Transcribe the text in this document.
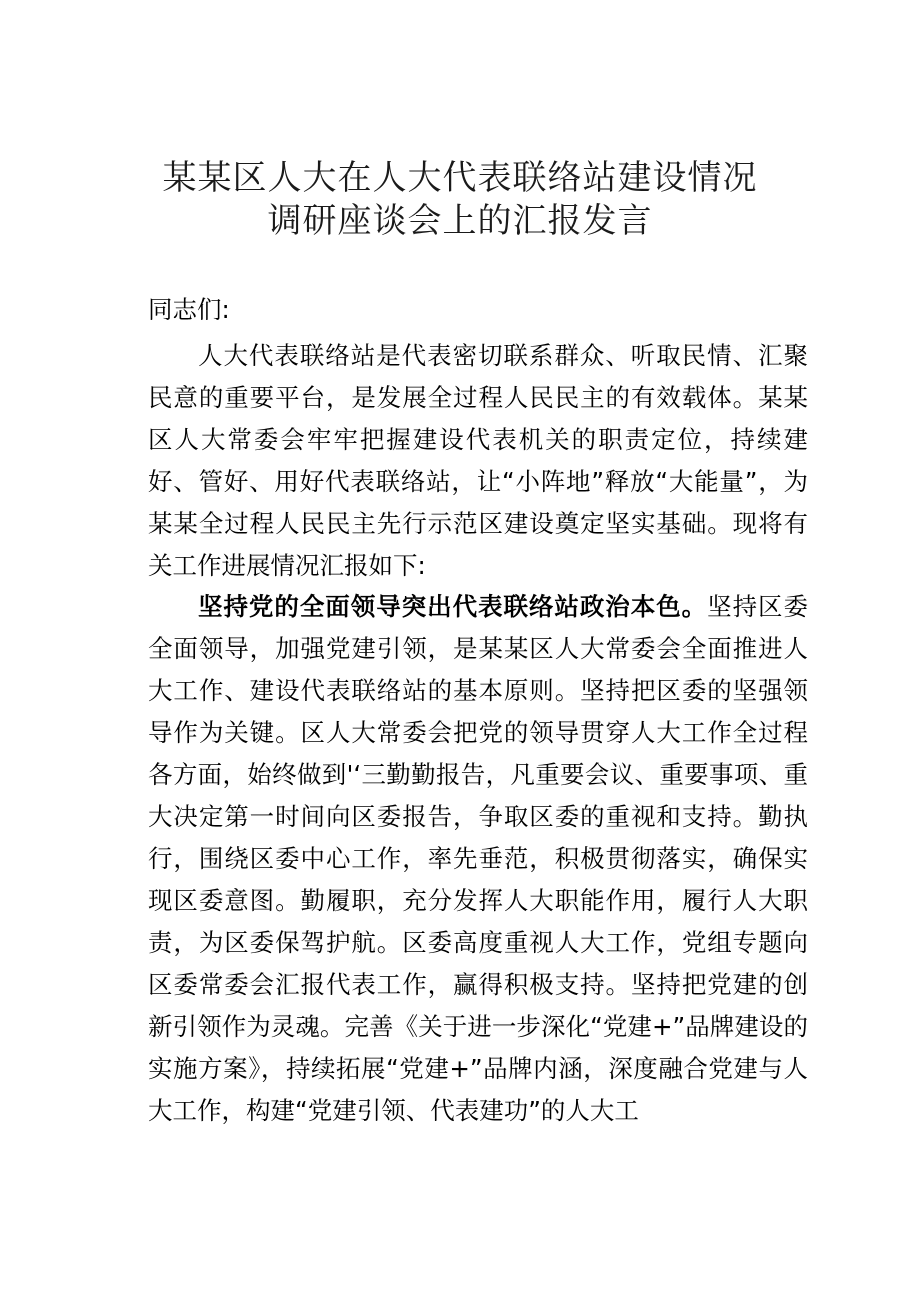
某某区人大在人大代表联络站建设情况
调研座谈会上的汇报发言

同志们:

人大代表联络站是代表密切联系群众、听取民情、汇聚民意的重要平台，是发展全过程人民民主的有效载体。某某区人大常委会牢牢把握建设代表机关的职责定位，持续建好、管好、用好代表联络站，让“小阵地”释放“大能量”，为某某全过程人民民主先行示范区建设奠定坚实基础。现将有关工作进展情况汇报如下:

坚持党的全面领导突出代表联络站政治本色。坚持区委全面领导，加强党建引领，是某某区人大常委会全面推进人大工作、建设代表联络站的基本原则。坚持把区委的坚强领导作为关键。区人大常委会把党的领导贯穿人大工作全过程各方面，始终做到'‘三勤勤报告，凡重要会议、重要事项、重大决定第一时间向区委报告，争取区委的重视和支持。勤执行，围绕区委中心工作，率先垂范，积极贯彻落实，确保实现区委意图。勤履职，充分发挥人大职能作用，履行人大职责，为区委保驾护航。区委高度重视人大工作，党组专题向区委常委会汇报代表工作，赢得积极支持。坚持把党建的创新引领作为灵魂。完善《关于进一步深化“党建+”品牌建设的实施方案》，持续拓展“党建+”品牌内涵，深度融合党建与人大工作，构建“党建引领、代表建功”的人大工
